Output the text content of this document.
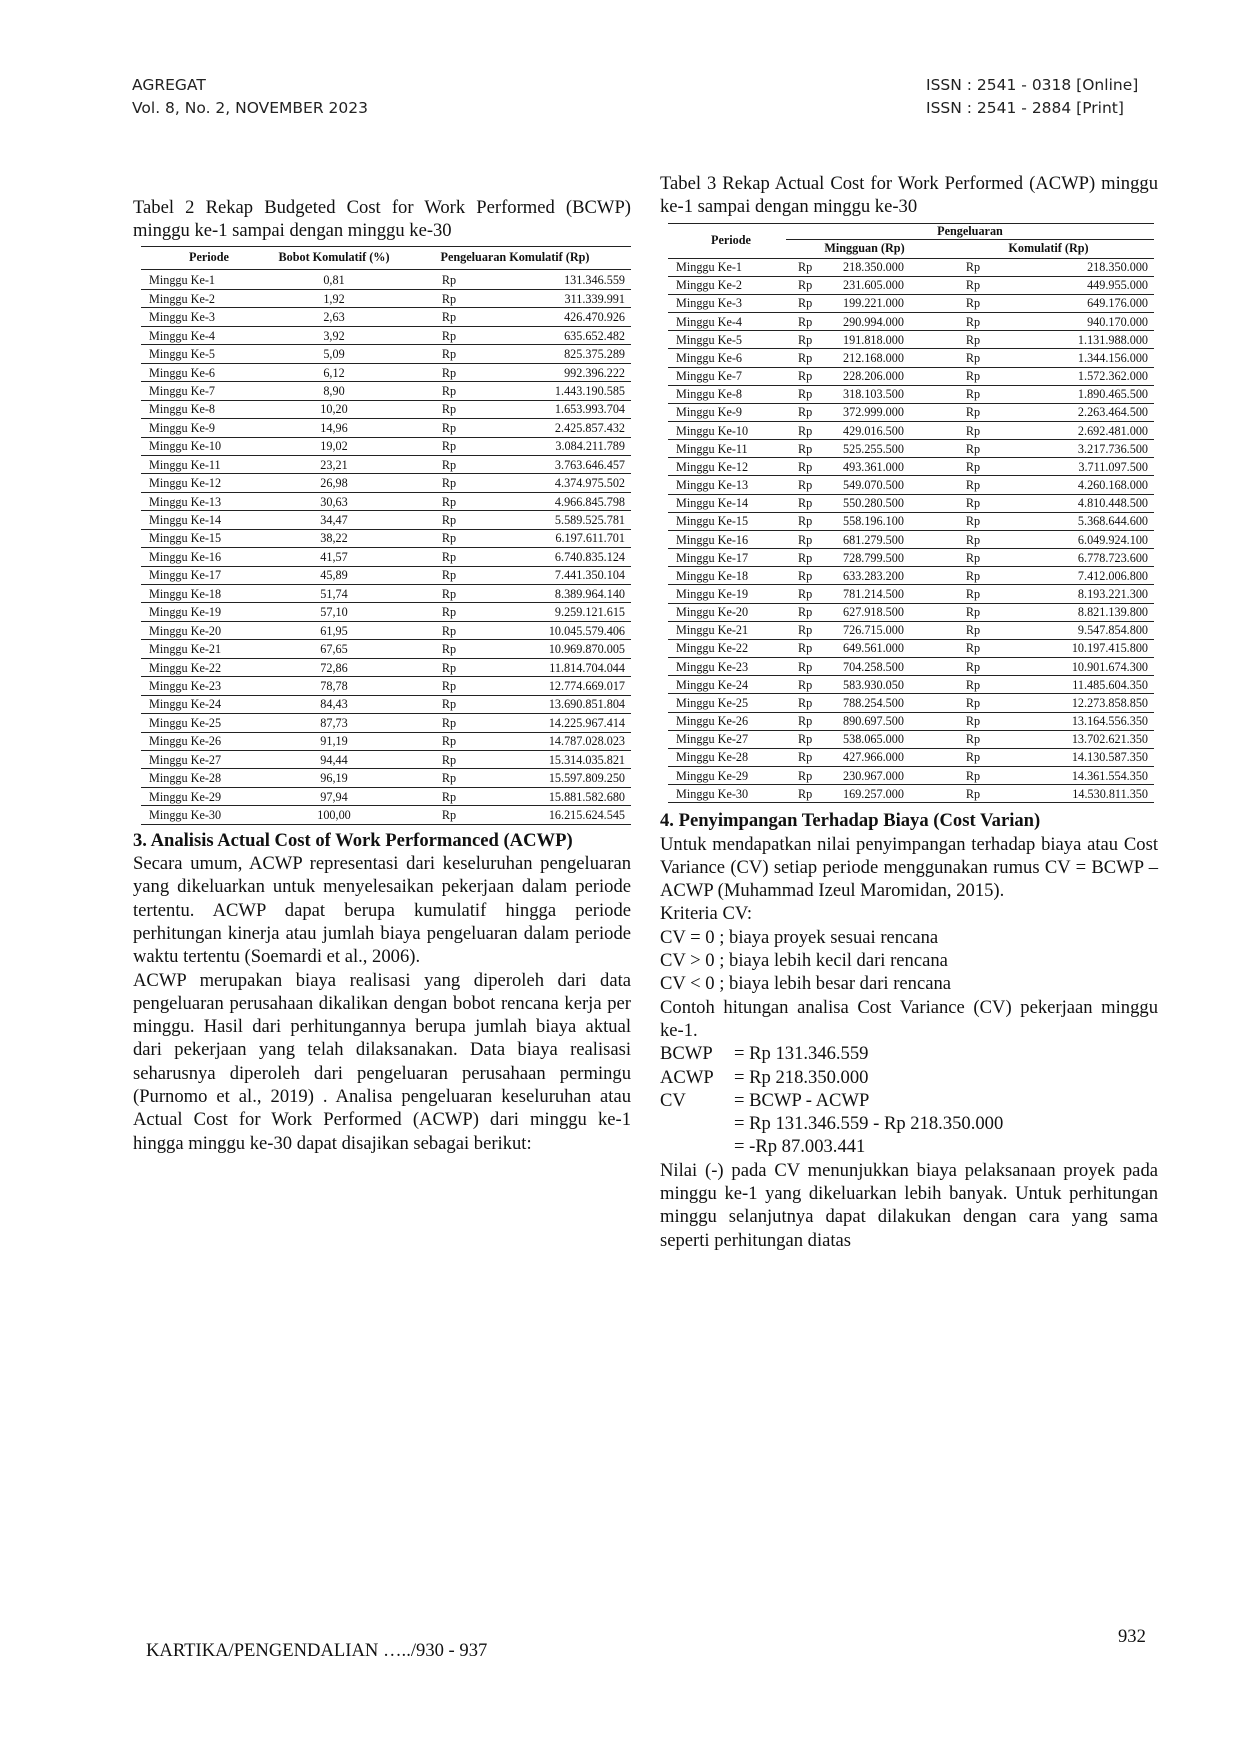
AGREGAT
Vol. 8, No. 2, NOVEMBER 2023
ISSN : 2541 - 0318 [Online]
ISSN : 2541 - 2884 [Print]

Tabel 2 Rekap Budgeted Cost for Work Performed (BCWP) minggu ke-1 sampai dengan minggu ke-30

Periode	Bobot Komulatif (%)	Pengeluaran Komulatif (Rp)	
Minggu Ke-1	0,81	Rp	131.346.559
Minggu Ke-2	1,92	Rp	311.339.991
Minggu Ke-3	2,63	Rp	426.470.926
Minggu Ke-4	3,92	Rp	635.652.482
Minggu Ke-5	5,09	Rp	825.375.289
Minggu Ke-6	6,12	Rp	992.396.222
Minggu Ke-7	8,90	Rp	1.443.190.585
Minggu Ke-8	10,20	Rp	1.653.993.704
Minggu Ke-9	14,96	Rp	2.425.857.432
Minggu Ke-10	19,02	Rp	3.084.211.789
Minggu Ke-11	23,21	Rp	3.763.646.457
Minggu Ke-12	26,98	Rp	4.374.975.502
Minggu Ke-13	30,63	Rp	4.966.845.798
Minggu Ke-14	34,47	Rp	5.589.525.781
Minggu Ke-15	38,22	Rp	6.197.611.701
Minggu Ke-16	41,57	Rp	6.740.835.124
Minggu Ke-17	45,89	Rp	7.441.350.104
Minggu Ke-18	51,74	Rp	8.389.964.140
Minggu Ke-19	57,10	Rp	9.259.121.615
Minggu Ke-20	61,95	Rp	10.045.579.406
Minggu Ke-21	67,65	Rp	10.969.870.005
Minggu Ke-22	72,86	Rp	11.814.704.044
Minggu Ke-23	78,78	Rp	12.774.669.017
Minggu Ke-24	84,43	Rp	13.690.851.804
Minggu Ke-25	87,73	Rp	14.225.967.414
Minggu Ke-26	91,19	Rp	14.787.028.023
Minggu Ke-27	94,44	Rp	15.314.035.821
Minggu Ke-28	96,19	Rp	15.597.809.250
Minggu Ke-29	97,94	Rp	15.881.582.680
Minggu Ke-30	100,00	Rp	16.215.624.545

3. Analisis Actual Cost of Work Performanced (ACWP)

Secara umum, ACWP representasi dari keseluruhan pengeluaran yang dikeluarkan untuk menyelesaikan pekerjaan dalam periode tertentu. ACWP dapat berupa kumulatif hingga periode perhitungan kinerja atau jumlah biaya pengeluaran dalam periode waktu tertentu (Soemardi et al., 2006).

ACWP merupakan biaya realisasi yang diperoleh dari data pengeluaran perusahaan dikalikan dengan bobot rencana kerja per minggu. Hasil dari perhitungannya berupa jumlah biaya aktual dari pekerjaan yang telah dilaksanakan. Data biaya realisasi seharusnya diperoleh dari pengeluaran perusahaan permingu (Purnomo et al., 2019) . Analisa pengeluaran keseluruhan atau Actual Cost for Work Performed (ACWP) dari minggu ke-1 hingga minggu ke-30 dapat disajikan sebagai berikut:

Tabel 3 Rekap Actual Cost for Work Performed (ACWP) minggu ke-1 sampai dengan minggu ke-30

Periode	Pengeluaran			
	Mingguan (Rp)		Komulatif (Rp)	
Minggu Ke-1	Rp	218.350.000	Rp	218.350.000
Minggu Ke-2	Rp	231.605.000	Rp	449.955.000
Minggu Ke-3	Rp	199.221.000	Rp	649.176.000
Minggu Ke-4	Rp	290.994.000	Rp	940.170.000
Minggu Ke-5	Rp	191.818.000	Rp	1.131.988.000
Minggu Ke-6	Rp	212.168.000	Rp	1.344.156.000
Minggu Ke-7	Rp	228.206.000	Rp	1.572.362.000
Minggu Ke-8	Rp	318.103.500	Rp	1.890.465.500
Minggu Ke-9	Rp	372.999.000	Rp	2.263.464.500
Minggu Ke-10	Rp	429.016.500	Rp	2.692.481.000
Minggu Ke-11	Rp	525.255.500	Rp	3.217.736.500
Minggu Ke-12	Rp	493.361.000	Rp	3.711.097.500
Minggu Ke-13	Rp	549.070.500	Rp	4.260.168.000
Minggu Ke-14	Rp	550.280.500	Rp	4.810.448.500
Minggu Ke-15	Rp	558.196.100	Rp	5.368.644.600
Minggu Ke-16	Rp	681.279.500	Rp	6.049.924.100
Minggu Ke-17	Rp	728.799.500	Rp	6.778.723.600
Minggu Ke-18	Rp	633.283.200	Rp	7.412.006.800
Minggu Ke-19	Rp	781.214.500	Rp	8.193.221.300
Minggu Ke-20	Rp	627.918.500	Rp	8.821.139.800
Minggu Ke-21	Rp	726.715.000	Rp	9.547.854.800
Minggu Ke-22	Rp	649.561.000	Rp	10.197.415.800
Minggu Ke-23	Rp	704.258.500	Rp	10.901.674.300
Minggu Ke-24	Rp	583.930.050	Rp	11.485.604.350
Minggu Ke-25	Rp	788.254.500	Rp	12.273.858.850
Minggu Ke-26	Rp	890.697.500	Rp	13.164.556.350
Minggu Ke-27	Rp	538.065.000	Rp	13.702.621.350
Minggu Ke-28	Rp	427.966.000	Rp	14.130.587.350
Minggu Ke-29	Rp	230.967.000	Rp	14.361.554.350
Minggu Ke-30	Rp	169.257.000	Rp	14.530.811.350

4. Penyimpangan Terhadap Biaya (Cost Varian)

Untuk mendapatkan nilai penyimpangan terhadap biaya atau Cost Variance (CV) setiap periode menggunakan rumus CV = BCWP – ACWP (Muhammad Izeul Maromidan, 2015).

Kriteria CV:

CV = 0 ; biaya proyek sesuai rencana

CV > 0 ; biaya lebih kecil dari rencana

CV < 0 ; biaya lebih besar dari rencana

Contoh hitungan analisa Cost Variance (CV) pekerjaan minggu ke-1.

BCWP	= Rp 131.346.559
ACWP	= Rp 218.350.000
CV	= BCWP - ACWP
= Rp 131.346.559 - Rp 218.350.000
= -Rp 87.003.441

Nilai (-) pada CV menunjukkan biaya pelaksanaan proyek pada minggu ke-1 yang dikeluarkan lebih banyak. Untuk perhitungan minggu selanjutnya dapat dilakukan dengan cara yang sama seperti perhitungan diatas

KARTIKA/PENGENDALIAN …../930 - 937
932
